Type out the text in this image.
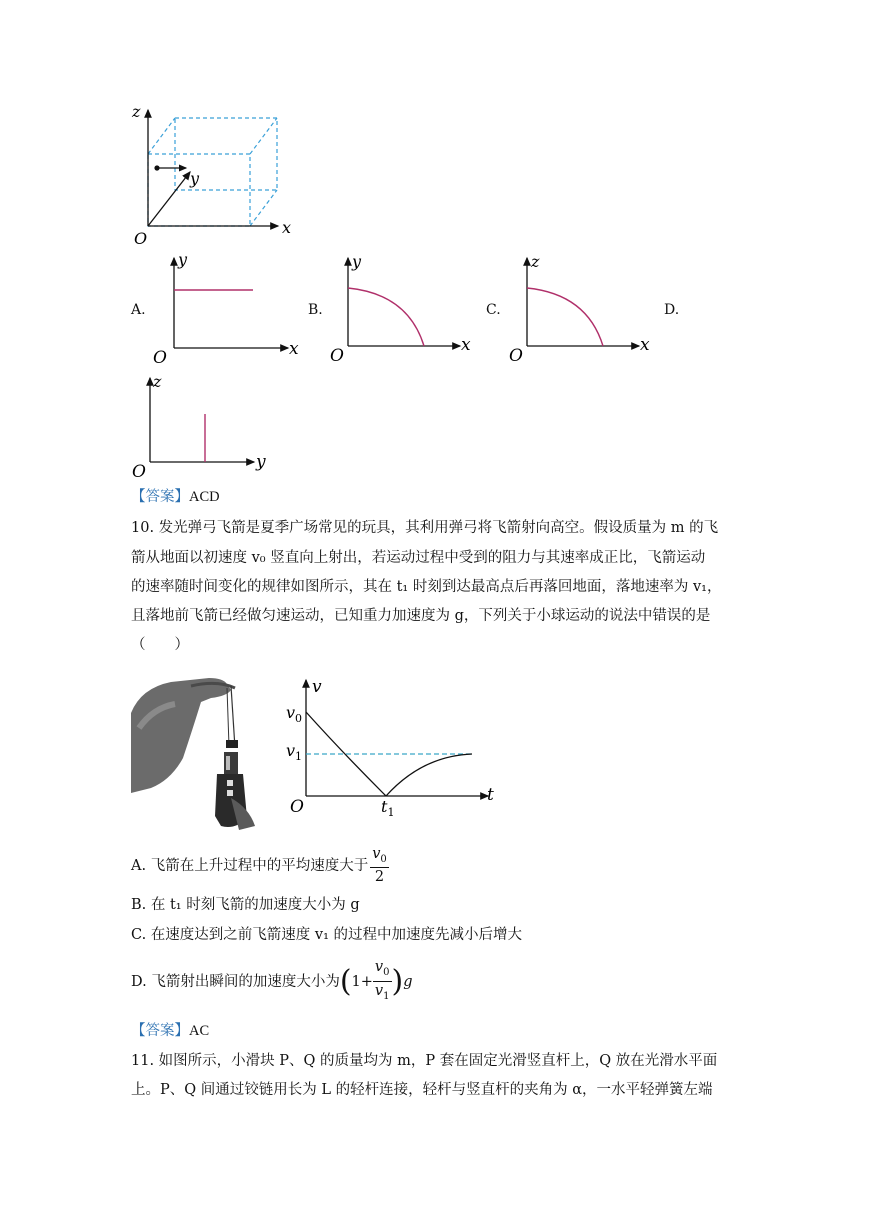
z
y
x
O
A.
y
x
O
B.
y
x
O
C.
z
x
O
D.
z
y
O
【答案】ACD
10. 发光弹弓飞箭是夏季广场常见的玩具，其利用弹弓将飞箭射向高空。假设质量为 m 的飞
箭从地面以初速度 v₀ 竖直向上射出，若运动过程中受到的阻力与其速率成正比，飞箭运动
的速率随时间变化的规律如图所示，其在 t₁ 时刻到达最高点后再落回地面，落地速率为 v₁，
且落地前飞箭已经做匀速运动，已知重力加速度为 g，下列关于小球运动的说法中错误的是
（　　）
v
t
O
$v_0$
$v_1$
$t_1$
A. 飞箭在上升过程中的平均速度大于 $\frac{v_0}{2}$
B. 在 t₁ 时刻飞箭的加速度大小为 g
C. 在速度达到之前飞箭速度 v₁ 的过程中加速度先减小后增大
D. 飞箭射出瞬间的加速度大小为 ( $1+ \frac{v_0}{v_1}$ ) g
【答案】AC
11. 如图所示，小滑块 P、Q 的质量均为 m，P 套在固定光滑竖直杆上，Q 放在光滑水平面
上。P、Q 间通过铰链用长为 L 的轻杆连接，轻杆与竖直杆的夹角为 α，一水平轻弹簧左端
